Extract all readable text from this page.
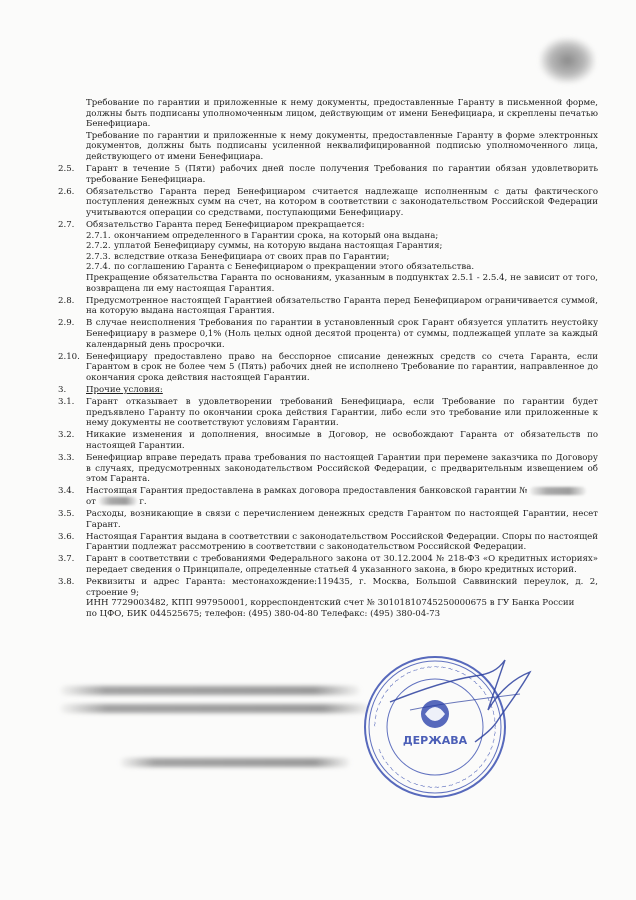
Требование по гарантии и приложенные к нему документы, предоставленные Гаранту в письменной форме, должны быть подписаны уполномоченным лицом, действующим от имени Бенефициара, и скреплены печатью Бенефициара.

Требование по гарантии и приложенные к нему документы, предоставленные Гаранту в форме электронных документов, должны быть подписаны усиленной неквалифицированной подписью уполномоченного лица, действующего от имени Бенефициара.

2.5.	Гарант в течение 5 (Пяти) рабочих дней после получения Требования по гарантии обязан удовлетворить требование Бенефициара.
2.6.	Обязательство Гаранта перед Бенефициаром считается надлежаще исполненным с даты фактического поступления денежных сумм на счет, на котором в соответствии с законодательством Российской Федерации учитываются операции со средствами, поступающими Бенефициару.
2.7.	Обязательство Гаранта перед Бенефициаром прекращается:
2.7.1. окончанием определенного в Гарантии срока, на который она выдана;
2.7.2. уплатой Бенефициару суммы, на которую выдана настоящая Гарантия;
2.7.3. вследствие отказа Бенефициара от своих прав по Гарантии;
2.7.4. по соглашению Гаранта с Бенефициаром о прекращении этого обязательства.
Прекращение обязательства Гаранта по основаниям, указанным в подпунктах 2.5.1 - 2.5.4, не зависит от того, возвращена ли ему настоящая Гарантия.
2.8.	Предусмотренное настоящей Гарантией обязательство Гаранта перед Бенефициаром ограничивается суммой, на которую выдана настоящая Гарантия.
2.9.	В случае неисполнения Требования по гарантии в установленный срок Гарант обязуется уплатить неустойку Бенефициару в размере 0,1% (Ноль целых одной десятой процента) от суммы, подлежащей уплате за каждый календарный день просрочки.
2.10. Бенефициару предоставлено право на бесспорное списание денежных средств со счета Гаранта, если Гарантом в срок не более чем 5 (Пять) рабочих дней не исполнено Требование по гарантии, направленное до окончания срока действия настоящей Гарантии.
3.	Прочие условия:
3.1.	Гарант отказывает в удовлетворении требований Бенефициара, если Требование по гарантии будет предъявлено Гаранту по окончании срока действия Гарантии, либо если это требование или приложенные к нему документы не соответствуют условиям Гарантии.
3.2.	Никакие изменения и дополнения, вносимые в Договор, не освобождают Гаранта от обязательств по настоящей Гарантии.
3.3.	Бенефициар вправе передать права требования по настоящей Гарантии при перемене заказчика по Договору в случаях, предусмотренных законодательством Российской Федерации, с предварительным извещением об этом Гаранта.
3.4.	Настоящая Гарантия предоставлена в рамках договора предоставления банковской гарантии №
от	г.
3.5.	Расходы, возникающие в связи с перечислением денежных средств Гарантом по настоящей Гарантии, несет Гарант.
3.6.	Настоящая Гарантия выдана в соответствии с законодательством Российской Федерации. Споры по настоящей Гарантии подлежат рассмотрению в соответствии с законодательством Российской Федерации.
3.7.	Гарант в соответствии с требованиями Федерального закона от 30.12.2004 № 218-ФЗ «О кредитных историях» передает сведения о Принципале, определенные статьей 4 указанного закона, в бюро кредитных историй.
3.8.	Реквизиты и адрес Гаранта: местонахождение:119435, г. Москва, Большой Саввинский переулок, д. 2, строение 9;
ИНН 7729003482, КПП 997950001, корреспондентский счет № 30101810745250000675 в ГУ Банка России
по ЦФО, БИК 044525675; телефон: (495) 380-04-80 Телефакс: (495) 380-04-73
~~~~~~~~~~~~~~~~~~~~~~~~~~~~~~~~~~~~~~~~~~~~~~~~~~
ДЕРЖАВА
